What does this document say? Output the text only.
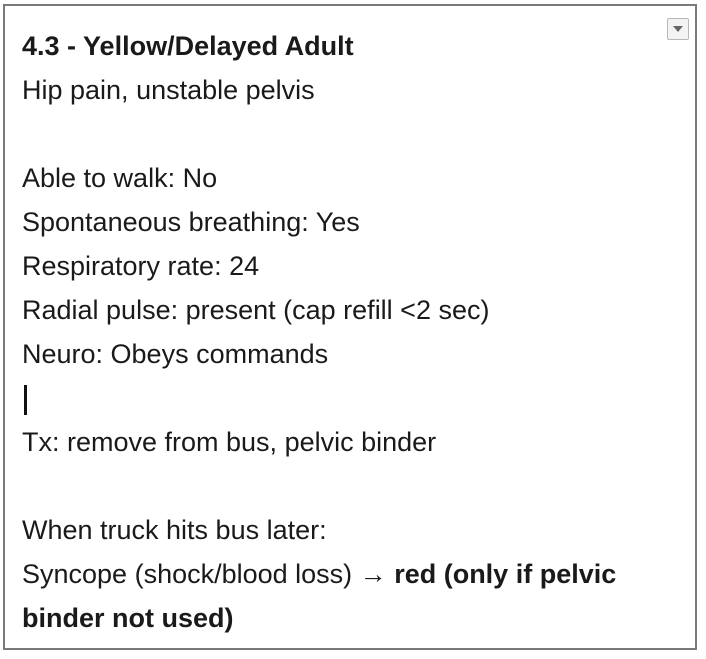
4.3 - Yellow/Delayed Adult
Hip pain, unstable pelvis
Able to walk: No
Spontaneous breathing: Yes
Respiratory rate: 24
Radial pulse: present (cap refill <2 sec)
Neuro: Obeys commands
Tx: remove from bus, pelvic binder
When truck hits bus later:
Syncope (shock/blood loss) → red (only if pelvic binder not used)
